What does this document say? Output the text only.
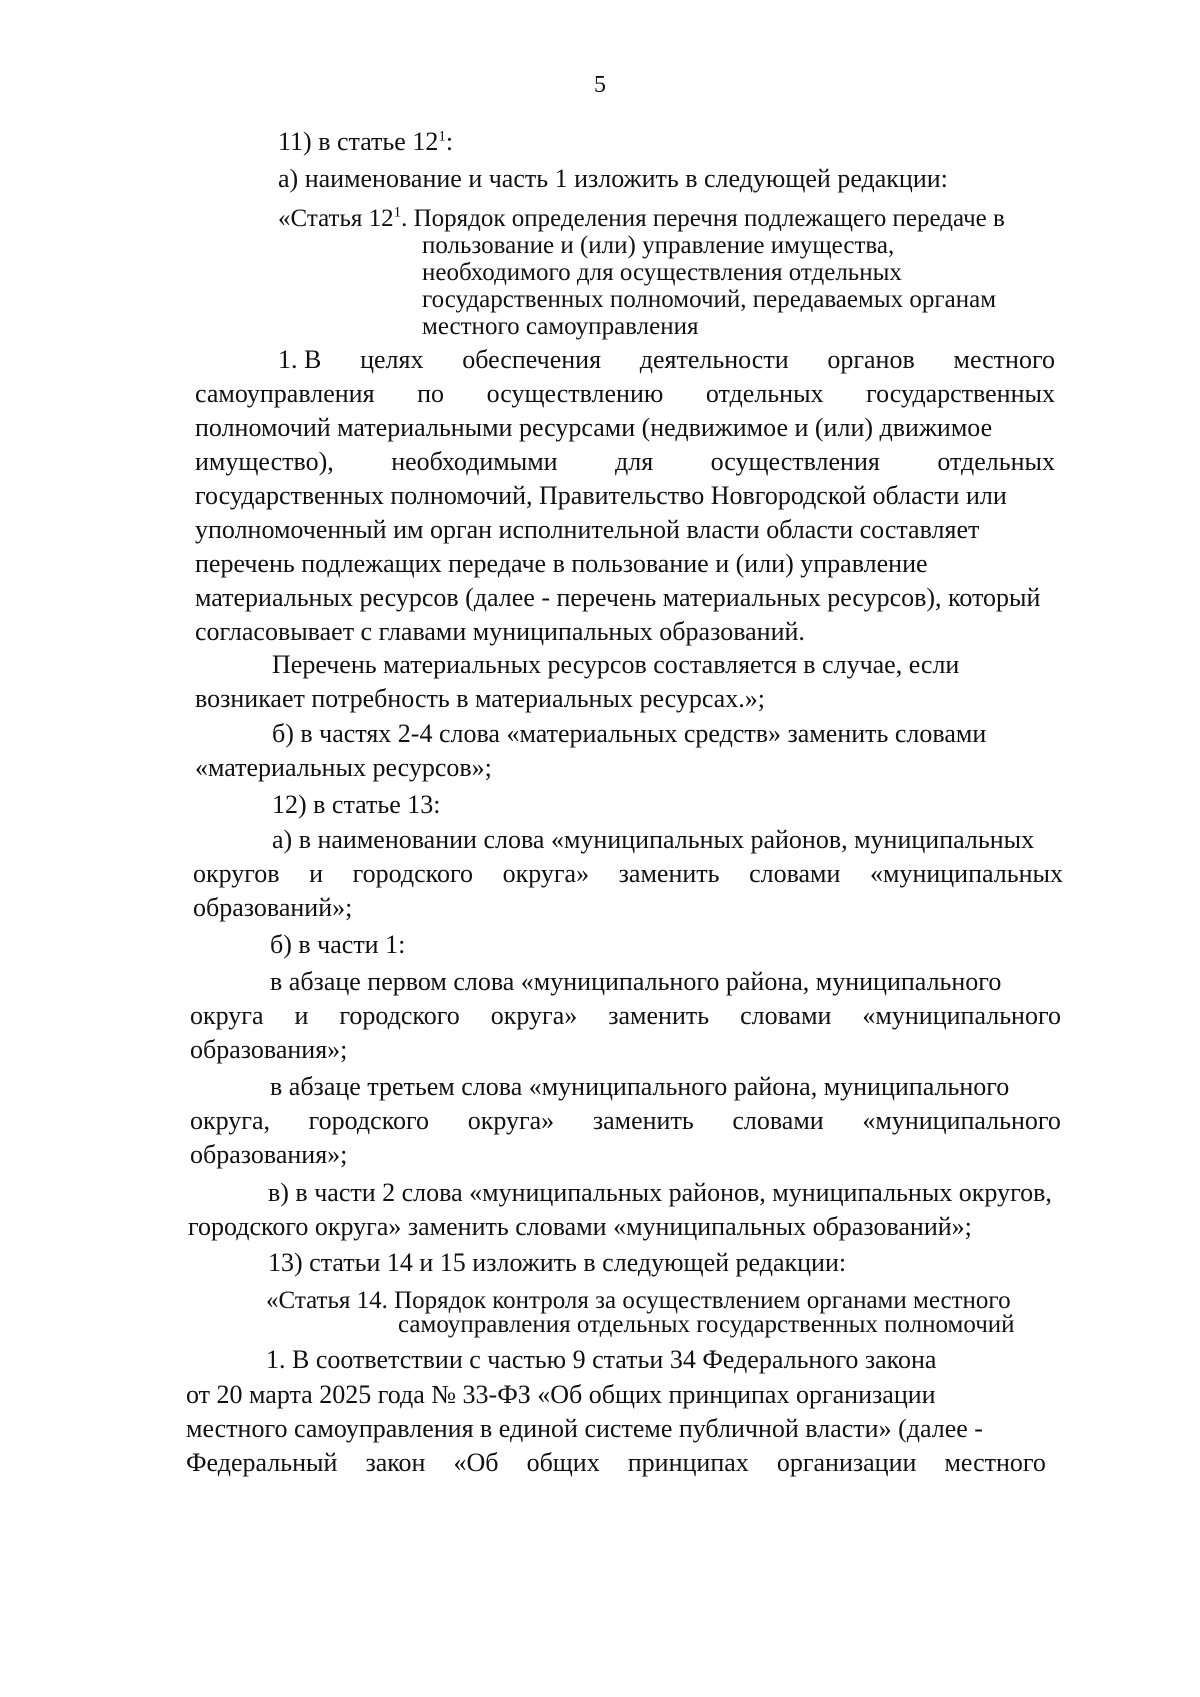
5
11) в статье $12^1$:
а) наименование и часть 1 изложить в следующей редакции:
«Статья $12^1$. Порядок определения перечня подлежащего передаче в
пользование и (или) управление имущества,
необходимого для осуществления отдельных
государственных полномочий, передаваемых органам
местного самоуправления
1. В целях обеспечения деятельности органов местного
самоуправления по осуществлению отдельных государственных
полномочий материальными ресурсами (недвижимое и (или) движимое
имущество), необходимыми для осуществления отдельных
государственных полномочий, Правительство Новгородской области или
уполномоченный им орган исполнительной власти области составляет
перечень подлежащих передаче в пользование и (или) управление
материальных ресурсов (далее - перечень материальных ресурсов), который
согласовывает с главами муниципальных образований.
Перечень материальных ресурсов составляется в случае, если
возникает потребность в материальных ресурсах.»;
б) в частях 2-4 слова «материальных средств» заменить словами
«материальных ресурсов»;
12) в статье 13:
а) в наименовании слова «муниципальных районов, муниципальных
округов и городского округа» заменить словами «муниципальных
образований»;
б) в части 1:
в абзаце первом слова «муниципального района, муниципального
округа и городского округа» заменить словами «муниципального
образования»;
в абзаце третьем слова «муниципального района, муниципального
округа, городского округа» заменить словами «муниципального
образования»;
в) в части 2 слова «муниципальных районов, муниципальных округов,
городского округа» заменить словами «муниципальных образований»;
13) статьи 14 и 15 изложить в следующей редакции:
«Статья 14. Порядок контроля за осуществлением органами местного
самоуправления отдельных государственных полномочий
1. В соответствии с частью 9 статьи 34 Федерального закона
от 20 марта 2025 года № 33-ФЗ «Об общих принципах организации
местного самоуправления в единой системе публичной власти» (далее -
Федеральный закон «Об общих принципах организации местного
